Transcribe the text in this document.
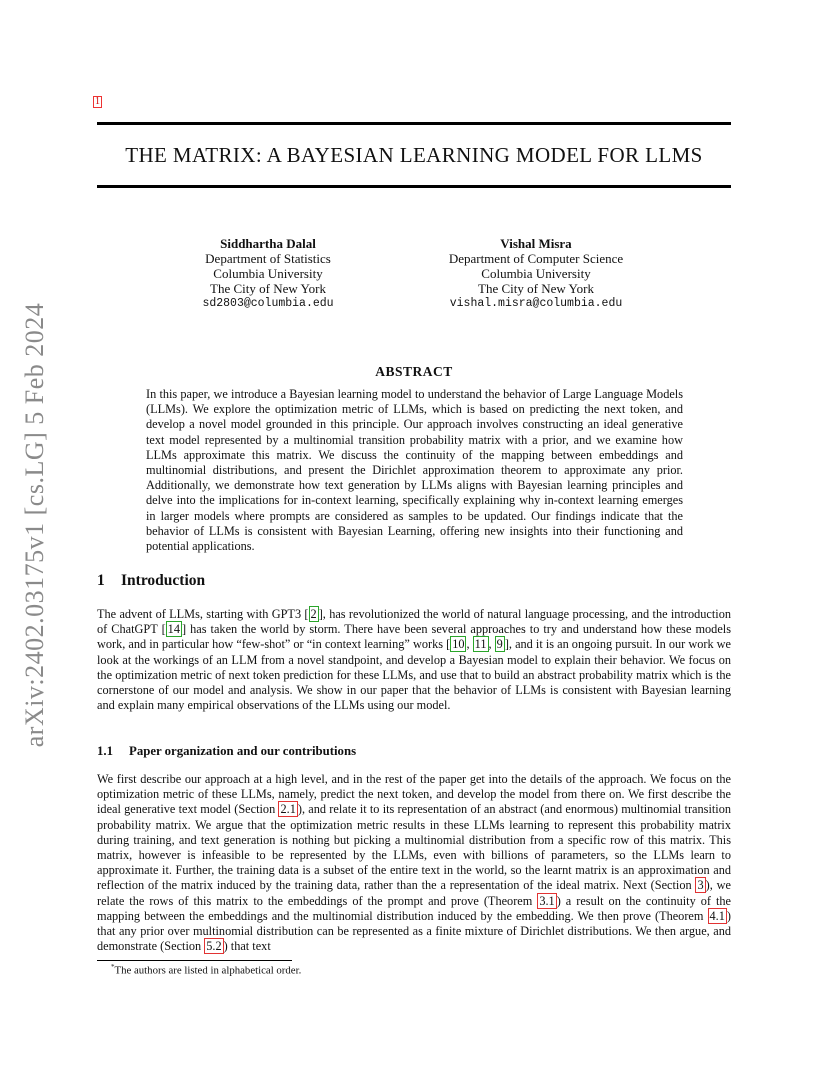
arXiv:2402.03175v1 [cs.LG] 5 Feb 2024
1
THE MATRIX: A BAYESIAN LEARNING MODEL FOR LLMS
Siddhartha Dalal
Department of Statistics
Columbia University
The City of New York
sd2803@columbia.edu
Vishal Misra
Department of Computer Science
Columbia University
The City of New York
vishal.misra@columbia.edu
ABSTRACT
In this paper, we introduce a Bayesian learning model to understand the behavior of Large Language Models (LLMs). We explore the optimization metric of LLMs, which is based on predicting the next token, and develop a novel model grounded in this principle. Our approach involves constructing an ideal generative text model represented by a multinomial transition probability matrix with a prior, and we examine how LLMs approximate this matrix. We discuss the continuity of the mapping between embeddings and multinomial distributions, and present the Dirichlet approximation theorem to approximate any prior. Additionally, we demonstrate how text generation by LLMs aligns with Bayesian learning principles and delve into the implications for in-context learning, specifically explaining why in-context learning emerges in larger models where prompts are considered as samples to be updated. Our findings indicate that the behavior of LLMs is consistent with Bayesian Learning, offering new insights into their functioning and potential applications.
1 Introduction
The advent of LLMs, starting with GPT3 [ 2 ], has revolutionized the world of natural language processing, and the introduction of ChatGPT [ 14 ] has taken the world by storm. There have been several approaches to try and understand how these models work, and in particular how “few-shot” or “in context learning” works [ 10 , 11 , 9 ], and it is an ongoing pursuit. In our work we look at the workings of an LLM from a novel standpoint, and develop a Bayesian model to explain their behavior. We focus on the optimization metric of next token prediction for these LLMs, and use that to build an abstract probability matrix which is the cornerstone of our model and analysis. We show in our paper that the behavior of LLMs is consistent with Bayesian learning and explain many empirical observations of the LLMs using our model.
1.1 Paper organization and our contributions
We first describe our approach at a high level, and in the rest of the paper get into the details of the approach. We focus on the optimization metric of these LLMs, namely, predict the next token, and develop the model from there on. We first describe the ideal generative text model (Section 2.1 ), and relate it to its representation of an abstract (and enormous) multinomial transition probability matrix. We argue that the optimization metric results in these LLMs learning to represent this probability matrix during training, and text generation is nothing but picking a multinomial distribution from a specific row of this matrix. This matrix, however is infeasible to be represented by the LLMs, even with billions of parameters, so the LLMs learn to approximate it. Further, the training data is a subset of the entire text in the world, so the learnt matrix is an approximation and reflection of the matrix induced by the training data, rather than the a representation of the ideal matrix. Next (Section 3 ), we relate the rows of this matrix to the embeddings of the prompt and prove (Theorem 3.1 ) a result on the continuity of the mapping between the embeddings and the multinomial distribution induced by the embedding. We then prove (Theorem 4.1 ) that any prior over multinomial distribution can be represented as a finite mixture of Dirichlet distributions. We then argue, and demonstrate (Section 5.2 ) that text
*The authors are listed in alphabetical order.
